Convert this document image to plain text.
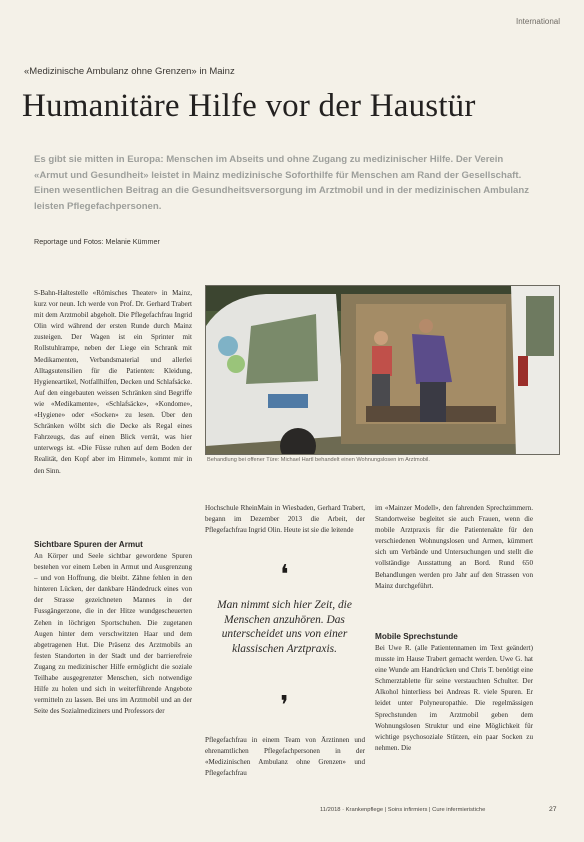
International
«Medizinische Ambulanz ohne Grenzen» in Mainz
Humanitäre Hilfe vor der Haustür

Es gibt sie mitten in Europa: Menschen im Abseits und ohne Zugang zu medizinischer Hilfe. Der Verein «Armut und Gesundheit» leistet in Mainz medizinische Soforthilfe für Menschen am Rand der Gesellschaft. Einen wesentlichen Beitrag an die Gesundheitsversorgung im Arztmobil und in der medizinischen Ambulanz leisten Pflegefachpersonen.

Reportage und Fotos: Melanie Kümmer

S-Bahn-Haltestelle «Römisches Theater» in Mainz, kurz vor neun. Ich werde von Prof. Dr. Gerhard Trabert mit dem Arztmobil abgeholt. Die Pflegefachfrau Ingrid Olin wird während der ersten Runde durch Mainz zusteigen. Der Wagen ist ein Sprinter mit Rollstuhlrampe, neben der Liege ein Schrank mit Medikamenten, Verbandsmaterial und allerlei Alltagsutensilien für die Patienten: Kleidung, Hygieneartikel, Notfallhilfen, Decken und Schlafsäcke. Auf den eingebauten weissen Schränken sind Begriffe wie «Medikamente», «Schlafsäcke», «Kondome», «Hygiene» oder «Socken» zu lesen. Über den Schränken wölbt sich die Decke als Regal eines Fahrzeugs, das auf einen Blick verrät, was hier unterwegs ist. «Die Füsse ruhen auf dem Boden der Realität, den Kopf aber im Himmel», kommt mir in den Sinn.

Sichtbare Spuren der Armut

An Körper und Seele sichtbar gewordene Spuren bestehen vor einem Leben in Armut und Ausgrenzung – und von Hoffnung, die bleibt. Zähne fehlen in den hinteren Lücken, der dankbare Händedruck eines von der Strasse gezeichneten Mannes in der Fussgängerzone, die in der Hitze wundgescheuerten Zehen in löchrigen Sportschuhen. Die zugetanen Augen hinter dem verschwitzten Haar und dem abgetragenen Hut. Die Präsenz des Arztmobils an festen Standorten in der Stadt und der barrierefreie Zugang zu medizinischer Hilfe ermöglicht die soziale Teilhabe ausgegrenzter Menschen, sich notwendige Hilfe zu holen und sich in weiterführende Angebote vermitteln zu lassen. Bei uns im Arztmobil und an der Seite des Sozialmediziners und Professors der

Behandlung bei offener Türe: Michael Hartl behandelt einen Wohnungslosen im Arztmobil.

Hochschule RheinMain in Wiesbaden, Gerhard Trabert, begann im Dezember 2013 die Arbeit, der Pflegefachfrau Ingrid Olin. Heute ist sie die leitende

❛

Man nimmt sich hier Zeit, die Menschen anzuhören. Das unterscheidet uns von einer klassischen Arztpraxis.

❜

Pflegefachfrau in einem Team von Ärztinnen und ehrenamtlichen Pflegefachpersonen in der «Medizinischen Ambulanz ohne Grenzen» und Pflegefachfrau

im «Mainzer Modell», den fahrenden Sprechzimmern. Standortweise begleitet sie auch Frauen, wenn die mobile Arztpraxis für die Patientenakte für den verschiedenen Wohnungslosen und Armen, kümmert sich um Verbände und Untersuchungen und stellt die vollständige Ausstattung an Bord. Rund 650 Behandlungen werden pro Jahr auf den Strassen von Mainz durchgeführt.

Mobile Sprechstunde

Bei Uwe R. (alle Patientennamen im Text geändert) musste im Hause Trabert gemacht werden. Uwe G. hat eine Wunde am Handrücken und Chris T. benötigt eine Schmerztablette für seine verstauchten Schulter. Der Alkohol hinterliess bei Andreas R. viele Spuren. Er leidet unter Polyneuropathie. Die regelmässigen Sprechstunden im Arztmobil geben dem Wohnungslosen Struktur und eine Möglichkeit für wichtige psychosoziale Stützen, ein paar Socken zu nehmen. Die

11/2018 · Krankenpflege | Soins infirmiers | Cure infermieristiche	27
